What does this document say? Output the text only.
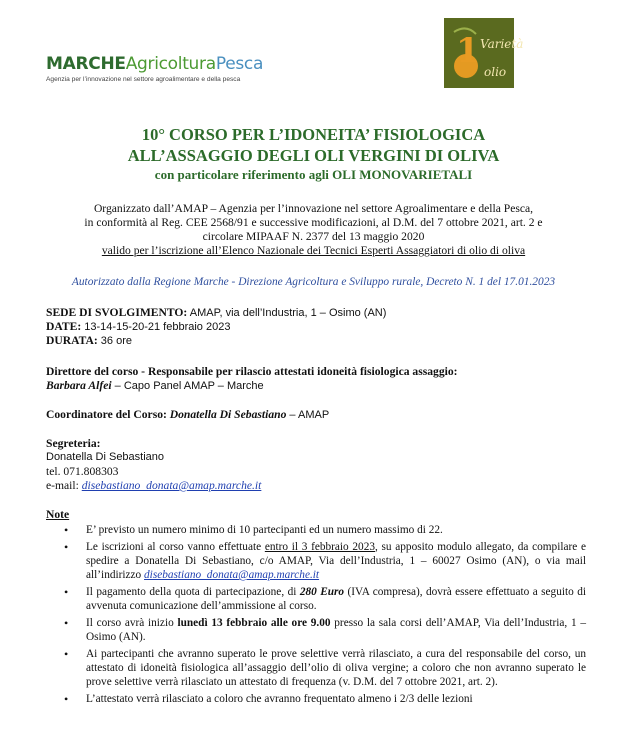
MARCHEAgricolturaPesca
Agenzia per l’innovazione nel settore agroalimentare e della pesca
1 Varietà
olio
10° CORSO PER L’IDONEITA’ FISIOLOGICA
ALL’ASSAGGIO DEGLI OLI VERGINI DI OLIVA
con particolare riferimento agli OLI MONOVARIETALI
Organizzato dall’AMAP – Agenzia per l’innovazione nel settore Agroalimentare e della Pesca,
in conformità al Reg. CEE 2568/91 e successive modificazioni, al D.M. del 7 ottobre 2021, art. 2 e
circolare MIPAAF N. 2377 del 13 maggio 2020
valido per l’iscrizione all’Elenco Nazionale dei Tecnici Esperti Assaggiatori di olio di oliva
Autorizzato dalla Regione Marche - Direzione Agricoltura e Sviluppo rurale, Decreto N. 1 del 17.01.2023
SEDE DI SVOLGIMENTO: AMAP, via dell’Industria, 1 – Osimo (AN)
DATE: 13-14-15-20-21 febbraio 2023
DURATA: 36 ore
Direttore del corso - Responsabile per rilascio attestati idoneità fisiologica assaggio:
Barbara Alfei – Capo Panel AMAP – Marche
Coordinatore del Corso: Donatella Di Sebastiano – AMAP
Segreteria:
Donatella Di Sebastiano
tel. 071.808303
e-mail: disebastiano_donata@amap.marche.it
Note
• E’ previsto un numero minimo di 10 partecipanti ed un numero massimo di 22.
• Le iscrizioni al corso vanno effettuate entro il 3 febbraio 2023, su apposito modulo allegato, da compilare e spedire a Donatella Di Sebastiano, c/o AMAP, Via dell’Industria, 1 – 60027 Osimo (AN), o via mail all’indirizzo disebastiano_donata@amap.marche.it
• Il pagamento della quota di partecipazione, di 280 Euro (IVA compresa), dovrà essere effettuato a seguito di avvenuta comunicazione dell’ammissione al corso.
• Il corso avrà inizio lunedì 13 febbraio alle ore 9.00 presso la sala corsi dell’AMAP, Via dell’Industria, 1 – Osimo (AN).
• Ai partecipanti che avranno superato le prove selettive verrà rilasciato, a cura del responsabile del corso, un attestato di idoneità fisiologica all’assaggio dell’olio di oliva vergine; a coloro che non avranno superato le prove selettive verrà rilasciato un attestato di frequenza (v. D.M. del 7 ottobre 2021, art. 2).
• L’attestato verrà rilasciato a coloro che avranno frequentato almeno i 2/3 delle lezioni
